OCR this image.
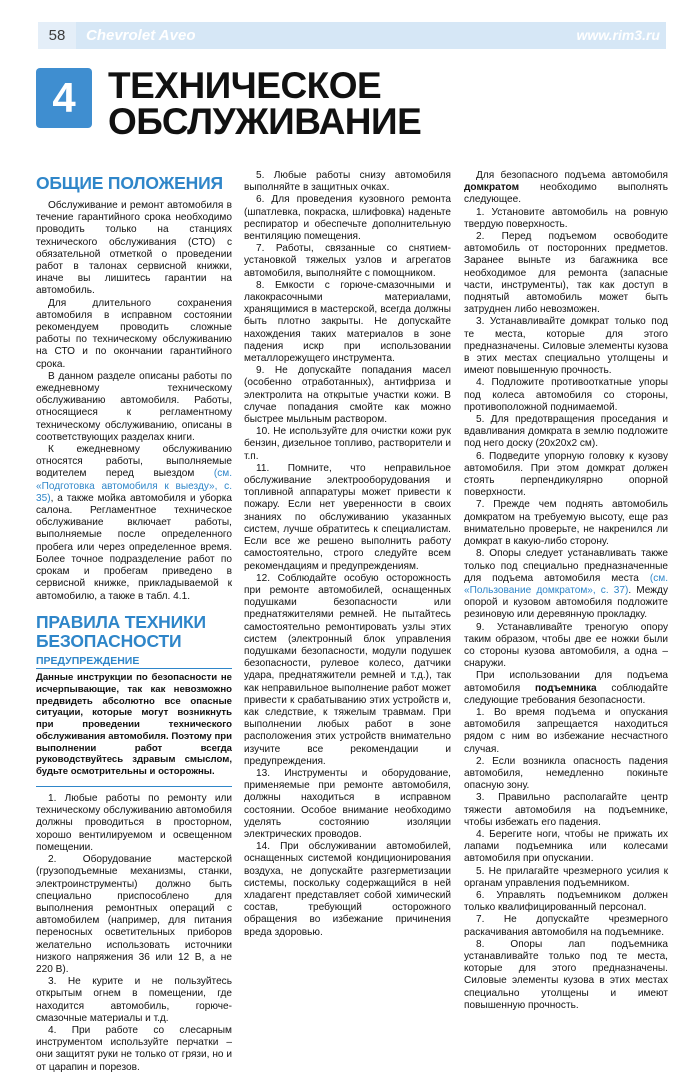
58	Chevrolet Aveo	www.rim3.ru
4 ТЕХНИЧЕСКОЕ
ОБСЛУЖИВАНИЕ
ОБЩИЕ ПОЛОЖЕНИЯ

Обслуживание и ремонт автомобиля в течение гарантийного срока необходимо проводить только на станциях технического обслуживания (СТО) с обязательной отметкой о проведении работ в талонах сервисной книжки, иначе вы лишитесь гарантии на автомобиль.

Для длительного сохранения автомобиля в исправном состоянии рекомендуем проводить сложные работы по техническому обслуживанию на СТО и по окончании гарантийного срока.

В данном разделе описаны работы по ежедневному техническому обслуживанию автомобиля. Работы, относящиеся к регламентному техническому обслуживанию, описаны в соответствующих разделах книги.

К ежедневному обслуживанию относятся работы, выполняемые водителем перед выездом (см. «Подготовка автомобиля к выезду», с. 35), а также мойка автомобиля и уборка салона. Регламентное техническое обслуживание включает работы, выполняемые после определенного пробега или через определенное время. Более точное подразделение работ по срокам и пробегам приведено в сервисной книжке, прикладываемой к автомобилю, а также в табл. 4.1.

ПРАВИЛА ТЕХНИКИ
БЕЗОПАСНОСТИ
ПРЕДУПРЕЖДЕНИЕ
Данные инструкции по безопасности не исчерпывающие, так как невозможно предвидеть абсолютно все опасные ситуации, которые могут возникнуть при проведении технического обслуживания автомобиля. Поэтому при выполнении работ всегда руководствуйтесь здравым смыслом, будьте осмотрительны и осторожны.

1. Любые работы по ремонту или техническому обслуживанию автомобиля должны проводиться в просторном, хорошо вентилируемом и освещенном помещении.

2. Оборудование мастерской (грузоподъемные механизмы, станки, электроинструменты) должно быть специально приспособлено для выполнения ремонтных операций с автомобилем (например, для питания переносных осветительных приборов желательно использовать источники низкого напряжения 36 или 12 В, а не 220 В).

3. Не курите и не пользуйтесь открытым огнем в помещении, где находится автомобиль, горюче-смазочные материалы и т.д.

4. При работе со слесарным инструментом используйте перчатки – они защитят руки не только от грязи, но и от царапин и порезов.

5. Любые работы снизу автомобиля выполняйте в защитных очках.

6. Для проведения кузовного ремонта (шпатлевка, покраска, шлифовка) наденьте респиратор и обеспечьте дополнительную вентиляцию помещения.

7. Работы, связанные со снятием-установкой тяжелых узлов и агрегатов автомобиля, выполняйте с помощником.

8. Емкости с горюче-смазочными и лакокрасочными материалами, хранящимися в мастерской, всегда должны быть плотно закрыты. Не допускайте нахождения таких материалов в зоне падения искр при использовании металлорежущего инструмента.

9. Не допускайте попадания масел (особенно отработанных), антифриза и электролита на открытые участки кожи. В случае попадания смойте как можно быстрее мыльным раствором.

10. Не используйте для очистки кожи рук бензин, дизельное топливо, растворители и т.п.

11. Помните, что неправильное обслуживание электрооборудования и топливной аппаратуры может привести к пожару. Если нет уверенности в своих знаниях по обслуживанию указанных систем, лучше обратитесь к специалистам. Если все же решено выполнить работу самостоятельно, строго следуйте всем рекомендациям и предупреждениям.

12. Соблюдайте особую осторожность при ремонте автомобилей, оснащенных подушками безопасности или преднатяжителями ремней. Не пытайтесь самостоятельно ремонтировать узлы этих систем (электронный блок управления подушками безопасности, модули подушек безопасности, рулевое колесо, датчики удара, преднатяжители ремней и т.д.), так как неправильное выполнение работ может привести к срабатыванию этих устройств и, как следствие, к тяжелым травмам. При выполнении любых работ в зоне расположения этих устройств внимательно изучите все рекомендации и предупреждения.

13. Инструменты и оборудование, применяемые при ремонте автомобиля, должны находиться в исправном состоянии. Особое внимание необходимо уделять состоянию изоляции электрических проводов.

14. При обслуживании автомобилей, оснащенных системой кондиционирования воздуха, не допускайте разгерметизации системы, поскольку содержащийся в ней хладагент представляет собой химический состав, требующий осторожного обращения во избежание причинения вреда здоровью.

Для безопасного подъема автомобиля домкратом необходимо выполнять следующее.

1. Установите автомобиль на ровную твердую поверхность.

2. Перед подъемом освободите автомобиль от посторонних предметов. Заранее выньте из багажника все необходимое для ремонта (запасные части, инструменты), так как доступ в поднятый автомобиль может быть затруднен либо невозможен.

3. Устанавливайте домкрат только под те места, которые для этого предназначены. Силовые элементы кузова в этих местах специально утолщены и имеют повышенную прочность.

4. Подложите противооткатные упоры под колеса автомобиля со стороны, противоположной поднимаемой.

5. Для предотвращения проседания и вдавливания домкрата в землю подложите под него доску (20х20х2 см).

6. Подведите упорную головку к кузову автомобиля. При этом домкрат должен стоять перпендикулярно опорной поверхности.

7. Прежде чем поднять автомобиль домкратом на требуемую высоту, еще раз внимательно проверьте, не накренился ли домкрат в какую-либо сторону.

8. Опоры следует устанавливать также только под специально предназначенные для подъема автомобиля места (см. «Пользование домкратом», с. 37). Между опорой и кузовом автомобиля подложите резиновую или деревянную прокладку.

9. Устанавливайте треногую опору таким образом, чтобы две ее ножки были со стороны кузова автомобиля, а одна – снаружи.

При использовании для подъема автомобиля подъемника соблюдайте следующие требования безопасности.

1. Во время подъема и опускания автомобиля запрещается находиться рядом с ним во избежание несчастного случая.

2. Если возникла опасность падения автомобиля, немедленно покиньте опасную зону.

3. Правильно располагайте центр тяжести автомобиля на подъемнике, чтобы избежать его падения.

4. Берегите ноги, чтобы не прижать их лапами подъемника или колесами автомобиля при опускании.

5. Не прилагайте чрезмерного усилия к органам управления подъемником.

6. Управлять подъемником должен только квалифицированный персонал.

7. Не допускайте чрезмерного раскачивания автомобиля на подъемнике.

8. Опоры лап подъемника устанавливайте только под те места, которые для этого предназначены. Силовые элементы кузова в этих местах специально утолщены и имеют повышенную прочность.
